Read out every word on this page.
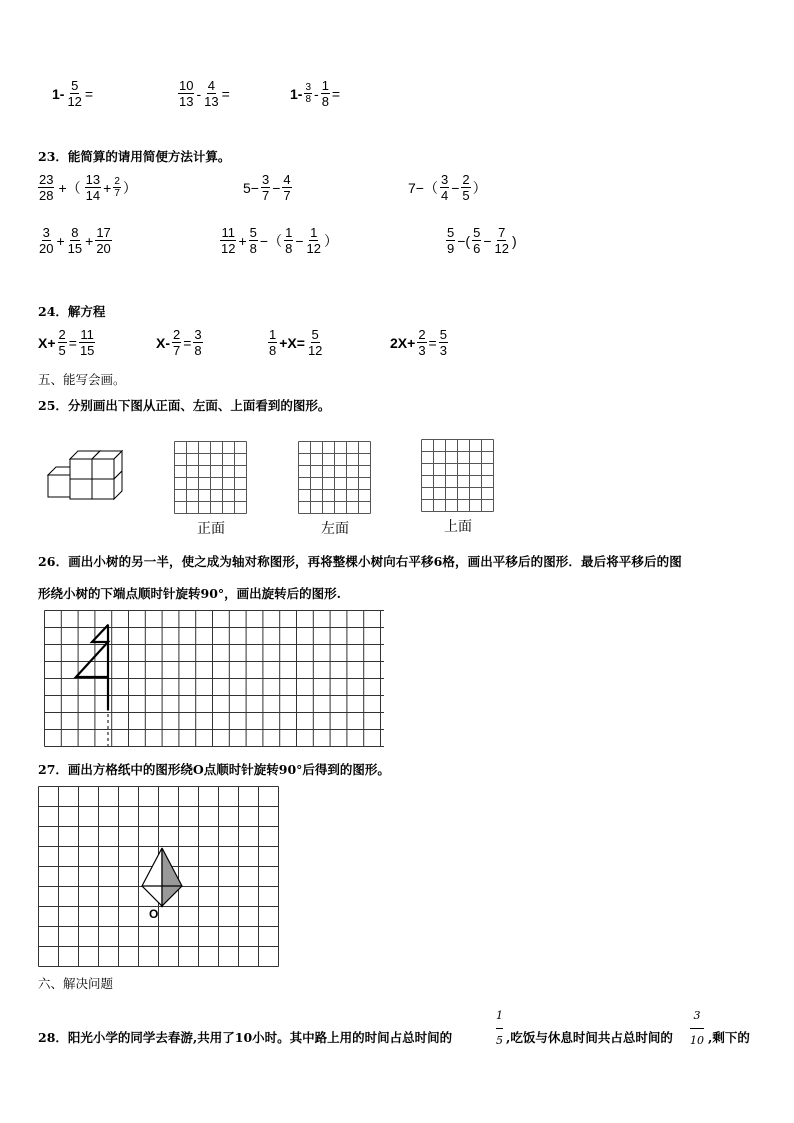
$1- \frac{5}{12}$ =	$\frac{10}{13} - \frac{4}{13}$ =	$1- \frac{3}{8} - \frac{1}{8}$ =
23．能简算的请用简便方法计算。
$\frac{23}{28}$ +（ $\frac{13}{14} + \frac{2}{7}$ ）	$5- \frac{3}{7} - \frac{4}{7}$	$7-( \frac{3}{4} - \frac{2}{5}$ ）
$\frac{3}{20} + \frac{8}{15} + \frac{17}{20}$	$\frac{11}{12} + \frac{5}{8}$ −（ $\frac{1}{8} - \frac{1}{12}$ ）	$\frac{5}{9}$ −( $\frac{5}{6} - \frac{7}{12}$ )
24．解方程
$X+ \frac{2}{5} = \frac{11}{15}$	$X- \frac{2}{7} = \frac{3}{8}$	$\frac{1}{8} +X= \frac{5}{12}$	$2X+ \frac{2}{3} = \frac{5}{3}$
五、能写会画。
25．分别画出下图从正面、左面、上面看到的图形。
正面	左面	上面
26．画出小树的另一半，使之成为轴对称图形，再将整棵小树向右平移6格，画出平移后的图形．最后将平移后的图
形绕小树的下端点顺时针旋转90°，画出旋转后的图形.
27．画出方格纸中的图形绕O点顺时针旋转90°后得到的图形。
O
六、解决问题
28．阳光小学的同学去春游,共用了10小时。其中路上用的时间占总时间的
1
5 ,吃饭与休息时间共占总时间的
3
10 ,剩下的
